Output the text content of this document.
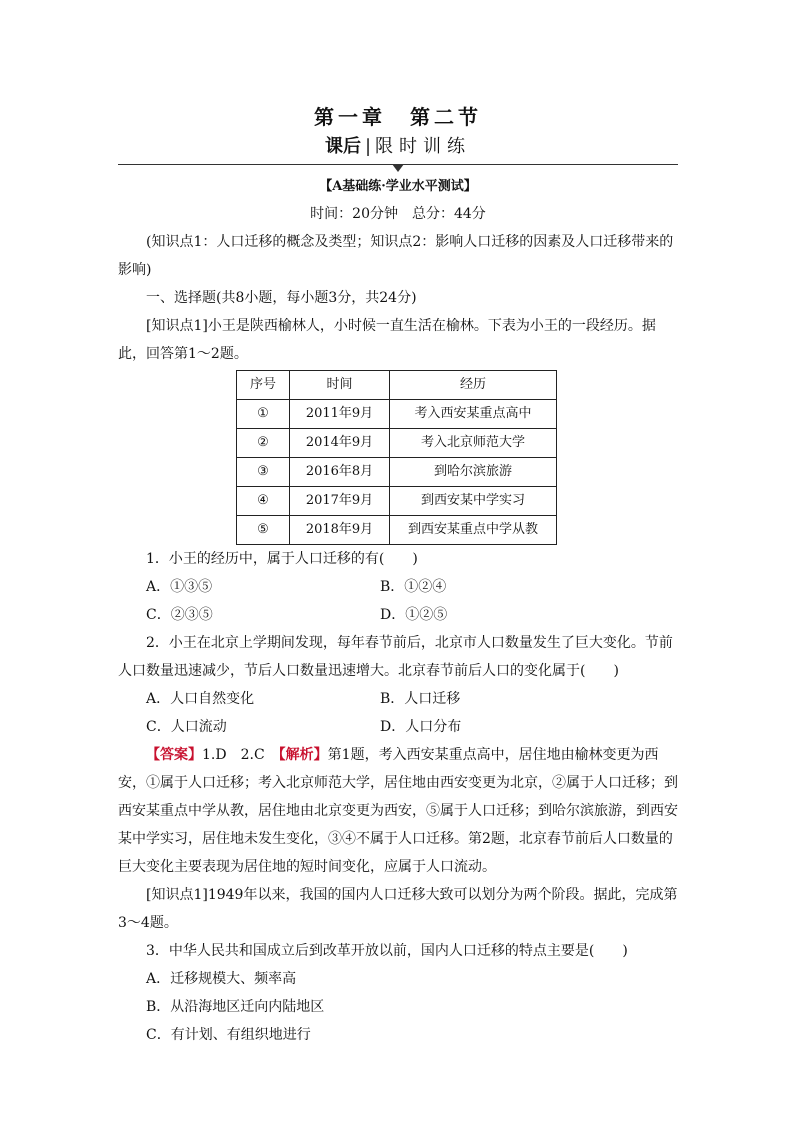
第一章　第二节
课后 | 限时训练
【A基础练·学业水平测试】
时间：20分钟　总分：44分

(知识点1：人口迁移的概念及类型；知识点2：影响人口迁移的因素及人口迁移带来的影响)

一、选择题(共8小题，每小题3分，共24分)

[知识点1]小王是陕西榆林人，小时候一直生活在榆林。下表为小王的一段经历。据此，回答第1～2题。

序号	时间	经历
①	2011年9月	考入西安某重点高中
②	2014年9月	考入北京师范大学
③	2016年8月	到哈尔滨旅游
④	2017年9月	到西安某中学实习
⑤	2018年9月	到西安某重点中学从教

1．小王的经历中，属于人口迁移的有(　　)

A．①③⑤	B．①②④
C．②③⑤	D．①②⑤

2．小王在北京上学期间发现，每年春节前后，北京市人口数量发生了巨大变化。节前人口数量迅速减少，节后人口数量迅速增大。北京春节前后人口的变化属于(　　)

A．人口自然变化	B．人口迁移
C．人口流动	D．人口分布

【答案】1.D　2.C　【解析】第1题，考入西安某重点高中，居住地由榆林变更为西安，①属于人口迁移；考入北京师范大学，居住地由西安变更为北京，②属于人口迁移；到西安某重点中学从教，居住地由北京变更为西安，⑤属于人口迁移；到哈尔滨旅游，到西安某中学实习，居住地未发生变化，③④不属于人口迁移。第2题，北京春节前后人口数量的巨大变化主要表现为居住地的短时间变化，应属于人口流动。

[知识点1]1949年以来，我国的国内人口迁移大致可以划分为两个阶段。据此，完成第3～4题。

3．中华人民共和国成立后到改革开放以前，国内人口迁移的特点主要是(　　)

A．迁移规模大、频率高

B．从沿海地区迁向内陆地区

C．有计划、有组织地进行
